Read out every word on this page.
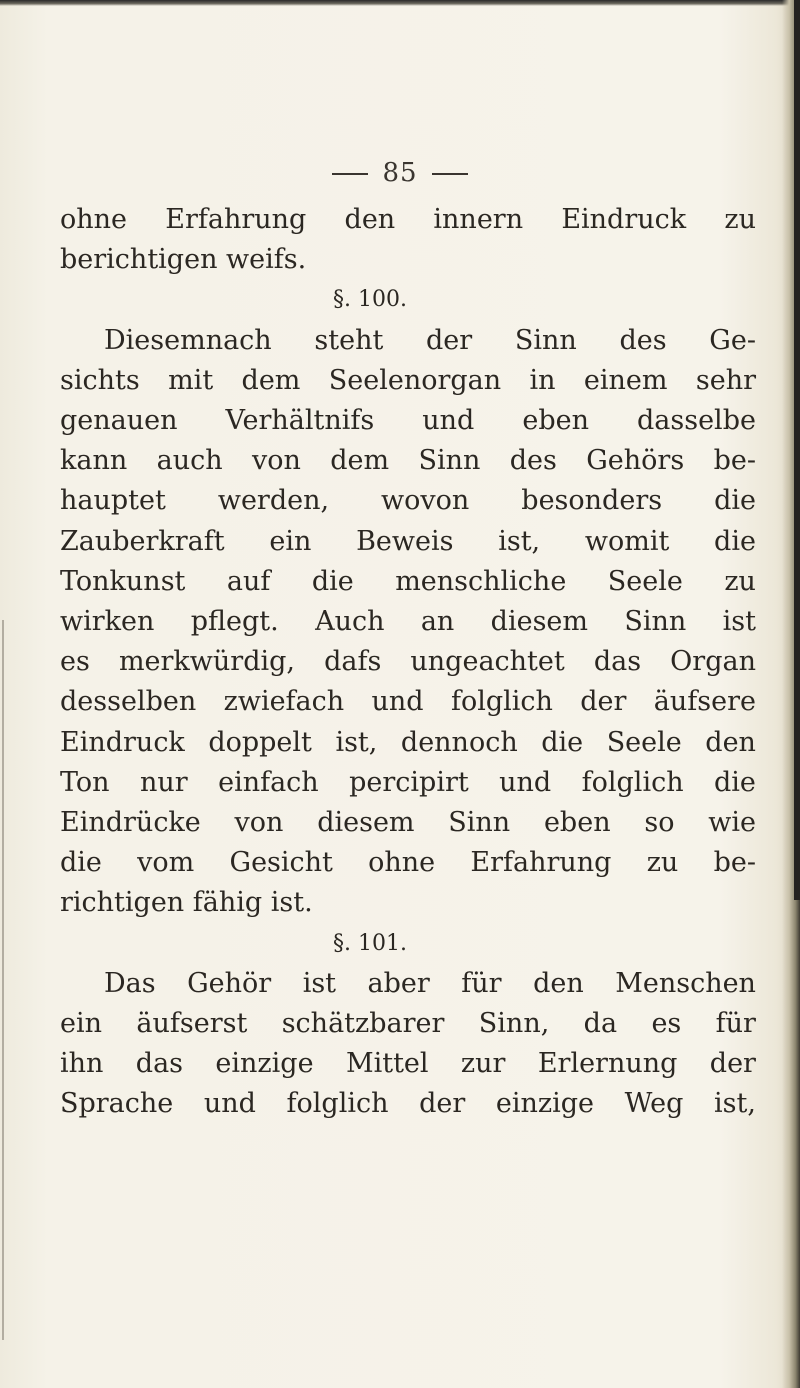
85
ohne Erfahrung den innern Eindruck zu
berichtigen weifs.
§. 100.
Diesemnach steht der Sinn des Ge-
sichts mit dem Seelenorgan in einem sehr
genauen Verhältnifs und eben dasselbe
kann auch von dem Sinn des Gehörs be-
hauptet werden, wovon besonders die
Zauberkraft ein Beweis ist, womit die
Tonkunst auf die menschliche Seele zu
wirken pflegt. Auch an diesem Sinn ist
es merkwürdig, dafs ungeachtet das Organ
desselben zwiefach und folglich der äufsere
Eindruck doppelt ist, dennoch die Seele den
Ton nur einfach percipirt und folglich die
Eindrücke von diesem Sinn eben so wie
die vom Gesicht ohne Erfahrung zu be-
richtigen fähig ist.
§. 101.
Das Gehör ist aber für den Menschen
ein äufserst schätzbarer Sinn, da es für
ihn das einzige Mittel zur Erlernung der
Sprache und folglich der einzige Weg ist,
